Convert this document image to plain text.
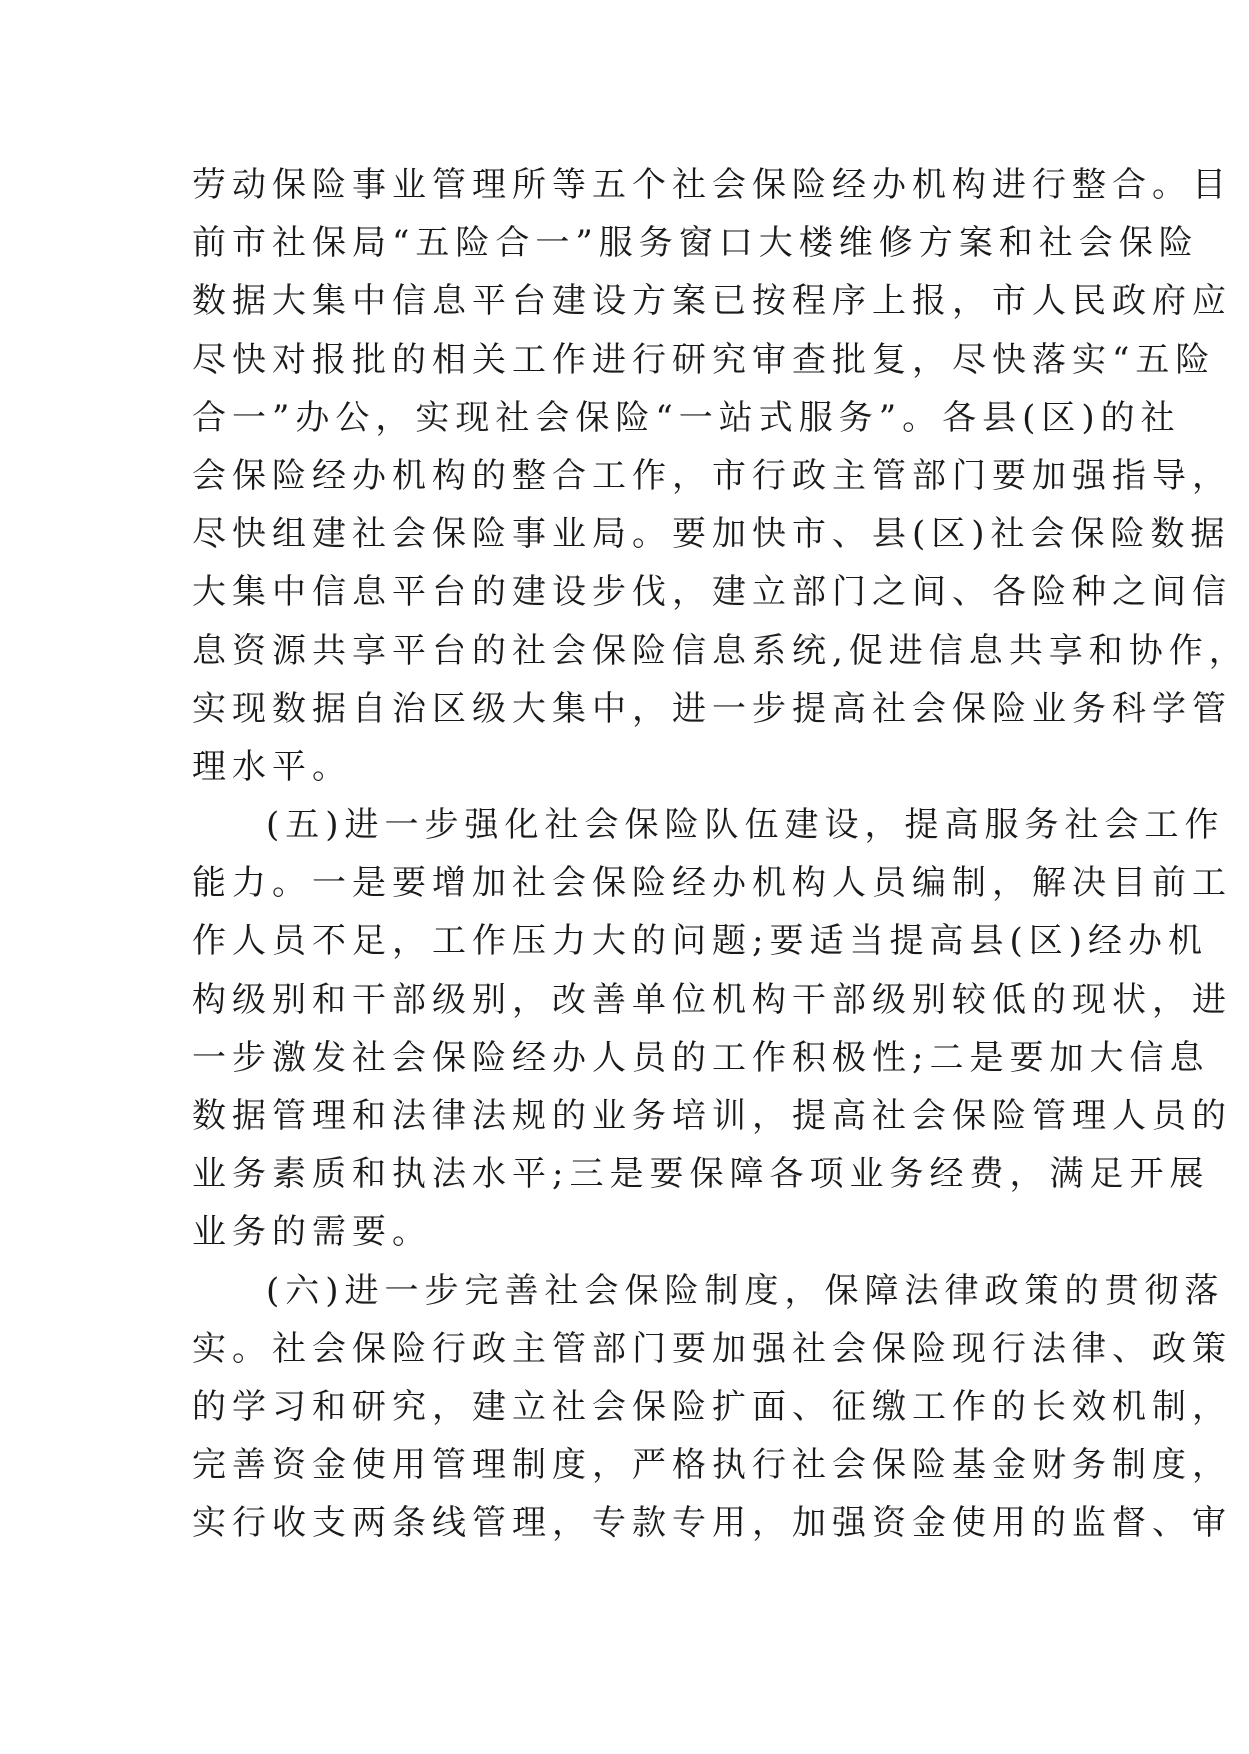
劳动保险事业管理所等五个社会保险经办机构进行整合。目
前市社保局“五险合一”服务窗口大楼维修方案和社会保险
数据大集中信息平台建设方案已按程序上报，市人民政府应
尽快对报批的相关工作进行研究审查批复，尽快落实“五险
合一”办公，实现社会保险“一站式服务”。各县(区)的社
会保险经办机构的整合工作，市行政主管部门要加强指导，
尽快组建社会保险事业局。要加快市、县(区)社会保险数据
大集中信息平台的建设步伐，建立部门之间、各险种之间信
息资源共享平台的社会保险信息系统,促进信息共享和协作，
实现数据自治区级大集中，进一步提高社会保险业务科学管
理水平。
(五)进一步强化社会保险队伍建设，提高服务社会工作
能力。一是要增加社会保险经办机构人员编制，解决目前工
作人员不足，工作压力大的问题;要适当提高县(区)经办机
构级别和干部级别，改善单位机构干部级别较低的现状，进
一步激发社会保险经办人员的工作积极性;二是要加大信息
数据管理和法律法规的业务培训，提高社会保险管理人员的
业务素质和执法水平;三是要保障各项业务经费，满足开展
业务的需要。
(六)进一步完善社会保险制度，保障法律政策的贯彻落
实。社会保险行政主管部门要加强社会保险现行法律、政策
的学习和研究，建立社会保险扩面、征缴工作的长效机制，
完善资金使用管理制度，严格执行社会保险基金财务制度，
实行收支两条线管理，专款专用，加强资金使用的监督、审
